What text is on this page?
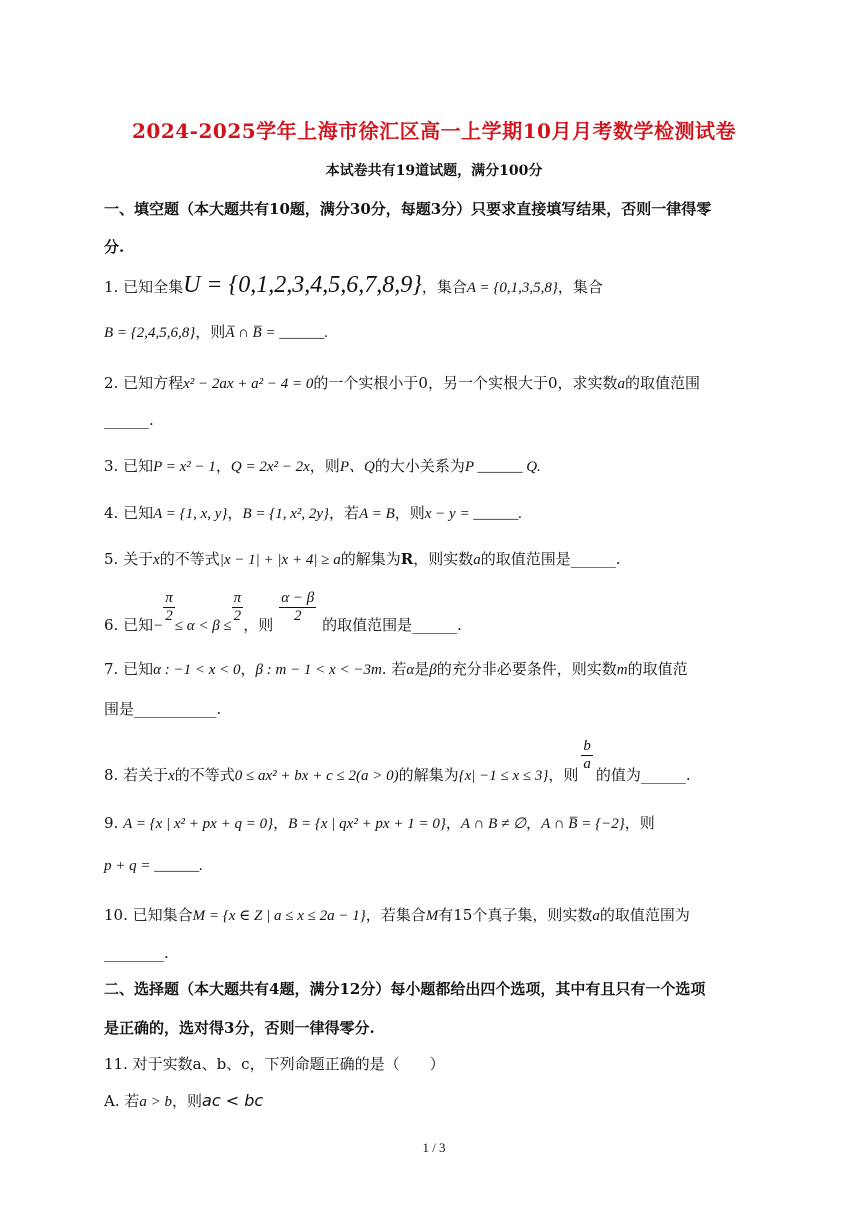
2024-2025学年上海市徐汇区高一上学期10月月考数学检测试卷
本试卷共有19道试题，满分100分
一、填空题（本大题共有10题，满分30分，每题3分）只要求直接填写结果，否则一律得零
分.
1. 已知全集U = {0,1,2,3,4,5,6,7,8,9}，集合A = {0,1,3,5,8}，集合
B = {2,4,5,6,8}，则A̅ ∩ B̅ = ______.
2. 已知方程x² − 2ax + a² − 4 = 0的一个实根小于0，另一个实根大于0，求实数a的取值范围
______.
3. 已知P = x² − 1，Q = 2x² − 2x，则P、Q的大小关系为P ______ Q.
4. 已知A = {1, x, y}，B = {1, x², 2y}，若A = B，则x − y = ______.
5. 关于x的不等式|x − 1| + |x + 4| ≥ a的解集为R，则实数a的取值范围是______.
6. 已知−
$\frac{\pi}{2}$
≤ α < β ≤
$\frac{\pi}{2}$ ，则 $\frac{\alpha - \beta}{2}$ 的取值范围是______.
7. 已知α : −1 < x < 0，β : m − 1 < x < −3m. 若α是β的充分非必要条件，则实数m的取值范
围是___________.
8. 若关于x的不等式0 ≤ ax² + bx + c ≤ 2(a > 0)的解集为{x| −1 ≤ x ≤ 3}，则
$\frac{b}{a}$
的值为______.
9. A = {x | x² + px + q = 0}，B = {x | qx² + px + 1 = 0}，A ∩ B ≠ ∅，A ∩ B̅ = {−2}，则
p + q = ______.
10. 已知集合M = {x ∈ Z | a ≤ x ≤ 2a − 1}，若集合M有15个真子集，则实数a的取值范围为
________.
二、选择题（本大题共有4题，满分12分）每小题都给出四个选项，其中有且只有一个选项
是正确的，选对得3分，否则一律得零分.
11. 对于实数a、b、c，下列命题正确的是（　　）
A. 若a > b，则ac < bc
1 / 3
